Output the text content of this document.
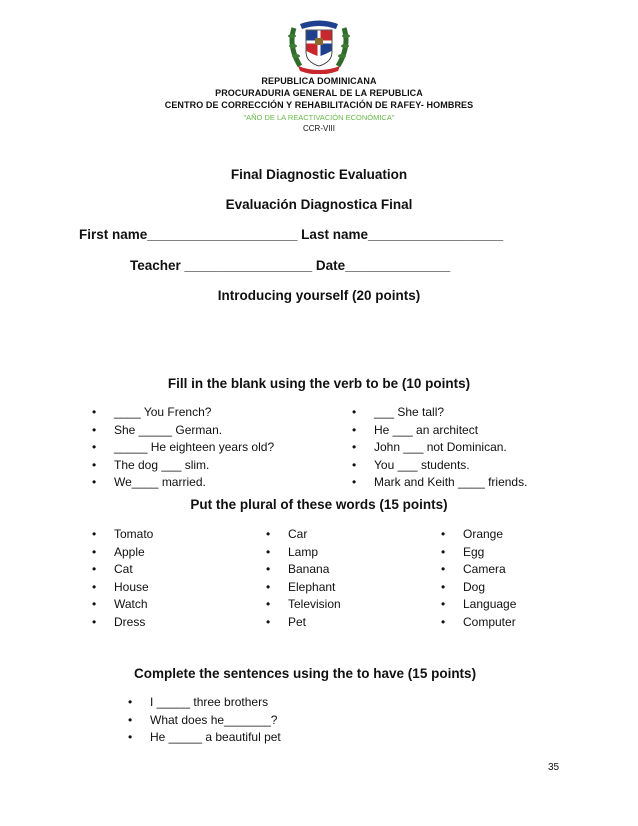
REPUBLICA DOMINICANA
PROCURADURIA GENERAL DE LA REPUBLICA
CENTRO DE CORRECCIÓN Y REHABILITACIÓN DE RAFEY- HOMBRES
"AÑO DE LA REACTIVACIÓN ECONÓMICA"
CCR-VIII
Final Diagnostic Evaluation
Evaluación Diagnostica Final
First name____________________ Last name__________________
Teacher _________________ Date______________
Introducing yourself (20 points)
Fill in the blank using the verb to be (10 points)
• ____ You French?
• She _____ German.
• _____ He eighteen years old?
• The dog ___ slim.
• We____ married.
• ___ She tall?
• He ___ an architect
• John ___ not Dominican.
• You ___ students.
• Mark and Keith ____ friends.
Put the plural of these words (15 points)
• Tomato
• Apple
• Cat
• House
• Watch
• Dress
• Car
• Lamp
• Banana
• Elephant
• Television
• Pet
• Orange
• Egg
• Camera
• Dog
• Language
• Computer
Complete the sentences using the to have (15 points)
• I _____ three brothers
• What does he_______?
• He _____ a beautiful pet
35
